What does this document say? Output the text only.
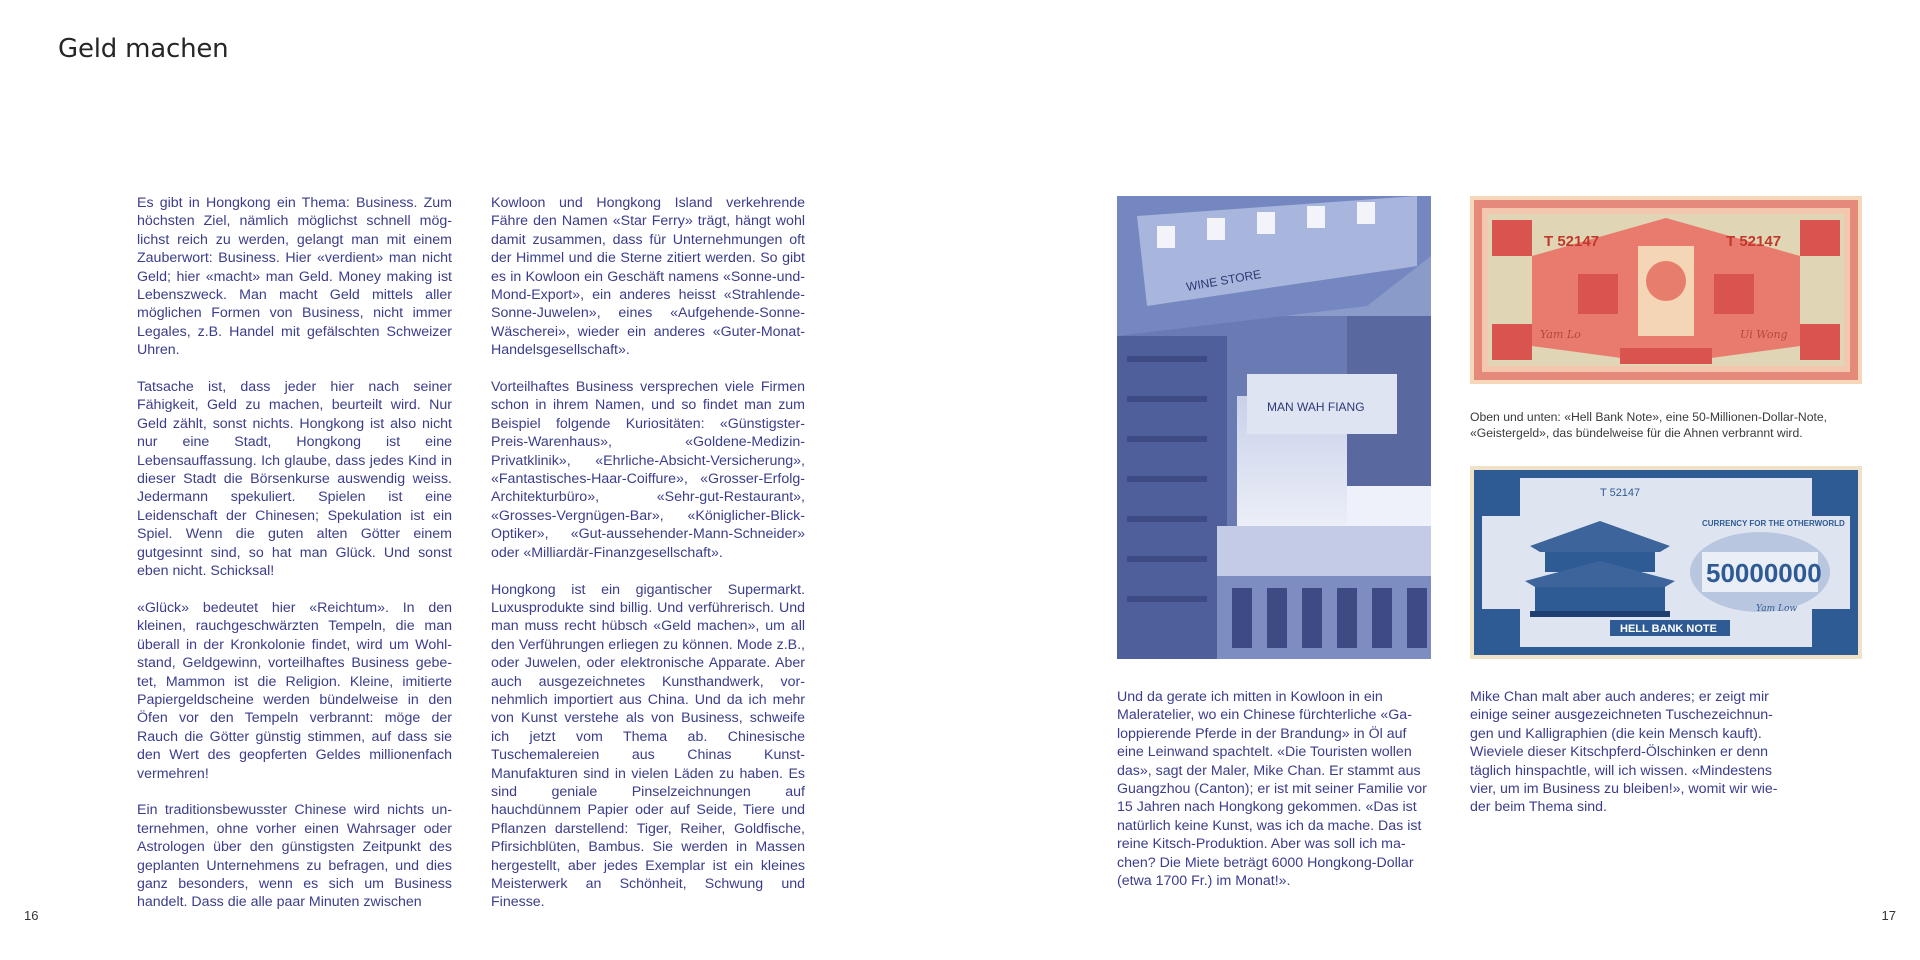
Geld machen

Es gibt in Hongkong ein Thema: Business. Zum höchsten Ziel, nämlich möglichst schnell möglichst reich zu werden, gelangt man mit einem Zauberwort: Business. Hier «verdient» man nicht Geld; hier «macht» man Geld. Money making ist Lebenszweck. Man macht Geld mittels aller möglichen Formen von Business, nicht immer Legales, z.B. Handel mit gefälschten Schweizer Uhren.

Tatsache ist, dass jeder hier nach seiner Fähigkeit, Geld zu machen, beurteilt wird. Nur Geld zählt, sonst nichts. Hongkong ist also nicht nur eine Stadt, Hongkong ist eine Lebensauffassung. Ich glaube, dass jedes Kind in dieser Stadt die Börsenkurse auswendig weiss. Jedermann spekuliert. Spielen ist eine Leidenschaft der Chinesen; Spekulation ist ein Spiel. Wenn die guten alten Götter einem gutgesinnt sind, so hat man Glück. Und sonst eben nicht. Schicksal!

«Glück» bedeutet hier «Reichtum». In den kleinen, rauchgeschwärzten Tempeln, die man überall in der Kronkolonie findet, wird um Wohlstand, Geldgewinn, vorteilhaftes Business gebetet, Mammon ist die Religion. Kleine, imitierte Papiergeldscheine werden bündelweise in den Öfen vor den Tempeln verbrannt: möge der Rauch die Götter günstig stimmen, auf dass sie den Wert des geopferten Geldes millionenfach vermehren!

Ein traditionsbewusster Chinese wird nichts unternehmen, ohne vorher einen Wahrsager oder Astrologen über den günstigsten Zeitpunkt des geplanten Unternehmens zu befragen, und dies ganz besonders, wenn es sich um Business handelt. Dass die alle paar Minuten zwischen

Kowloon und Hongkong Island verkehrende Fähre den Namen «Star Ferry» trägt, hängt wohl damit zusammen, dass für Unternehmungen oft der Himmel und die Sterne zitiert werden. So gibt es in Kowloon ein Geschäft namens «Sonne-und-Mond-Export», ein anderes heisst «Strahlende-Sonne-Juwelen», eines «Aufgehende-Sonne-Wäscherei», wieder ein anderes «Guter-Monat-Handelsgesellschaft».

Vorteilhaftes Business versprechen viele Firmen schon in ihrem Namen, und so findet man zum Beispiel folgende Kuriositäten: «Günstigster-Preis-Warenhaus», «Goldene-Medizin-Privatklinik», «Ehrliche-Absicht-Versicherung», «Fantastisches-Haar-Coiffure», «Grosser-Erfolg-Architekturbüro», «Sehr-gut-Restaurant», «Grosses-Vergnügen-Bar», «Königlicher-Blick-Optiker», «Gut-aussehender-Mann-Schneider» oder «Milliardär-Finanzgesellschaft».

Hongkong ist ein gigantischer Supermarkt. Luxusprodukte sind billig. Und verführerisch. Und man muss recht hübsch «Geld machen», um all den Verführungen erliegen zu können. Mode z.B., oder Juwelen, oder elektronische Apparate. Aber auch ausgezeichnetes Kunsthandwerk, vornehmlich importiert aus China. Und da ich mehr von Kunst verstehe als von Business, schweife ich jetzt vom Thema ab. Chinesische Tuschemalereien aus Chinas Kunst-Manufakturen sind in vielen Läden zu haben. Es sind geniale Pinselzeichnungen auf hauchdünnem Papier oder auf Seide, Tiere und Pflanzen darstellend: Tiger, Reiher, Goldfische, Pfirsichblüten, Bambus. Sie werden in Massen hergestellt, aber jedes Exemplar ist ein kleines Meisterwerk an Schönheit, Schwung und Finesse.

MAN WAH FIANG
WINE STORE
T 52147	T 52147
Yam Lo	Ui Wong
Oben und unten: «Hell Bank Note», eine 50-Millionen-Dollar-Note, «Geistergeld», das bündelweise für die Ahnen verbrannt wird.
T 52147
CURRENCY FOR THE OTHERWORLD
50000000
Yam Low
HELL BANK NOTE

Und da gerate ich mitten in Kowloon in ein Maleratelier, wo ein Chinese fürchterliche «Galoppierende Pferde in der Brandung» in Öl auf eine Leinwand spachtelt. «Die Touristen wollen das», sagt der Maler, Mike Chan. Er stammt aus Guangzhou (Canton); er ist mit seiner Familie vor 15 Jahren nach Hongkong gekommen. «Das ist natürlich keine Kunst, was ich da mache. Das ist reine Kitsch-Produktion. Aber was soll ich machen? Die Miete beträgt 6000 Hongkong-Dollar (etwa 1700 Fr.) im Monat!».

Mike Chan malt aber auch anderes; er zeigt mir einige seiner ausgezeichneten Tuschezeichnungen und Kalligraphien (die kein Mensch kauft). Wieviele dieser Kitschpferd-Ölschinken er denn täglich hinspachtle, will ich wissen. «Mindestens vier, um im Business zu bleiben!», womit wir wieder beim Thema sind.

16	17
